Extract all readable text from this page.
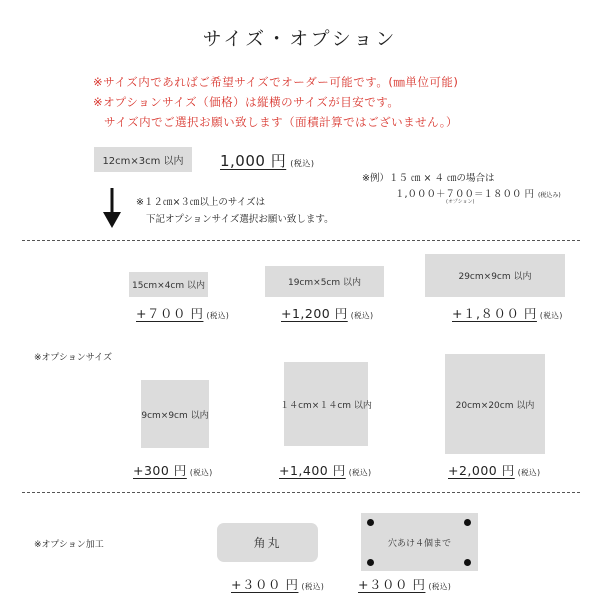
サイズ・オプション
※サイズ内であればご希望サイズでオーダー可能です。(㎜単位可能)
※オプションサイズ（価格）は縦横のサイズが目安です。
サイズ内でご選択お願い致します（面積計算ではございません。）
12cm×3cm 以内 1,000 円 (税込)
※例）１５ ㎝ × ４ ㎝の場合は
１,０００＋７００＝１８００ 円 (税込み)
(オプション)
※１２㎝×３㎝以上のサイズは
下記オプションサイズ選択お願い致します。
15cm×4cm 以内
+７００ 円 (税込)
19cm×5cm 以内
+1,200 円 (税込)
29cm×9cm 以内
+１,８００ 円 (税込)
※オプションサイズ
9cm×9cm 以内
+300 円 (税込)
１４cm×１４cm 以内
+1,400 円 (税込)
20cm×20cm 以内
+2,000 円 (税込)
※オプション加工	角丸
+３００ 円 (税込)
穴あけ４個まで
+３００ 円 (税込)
